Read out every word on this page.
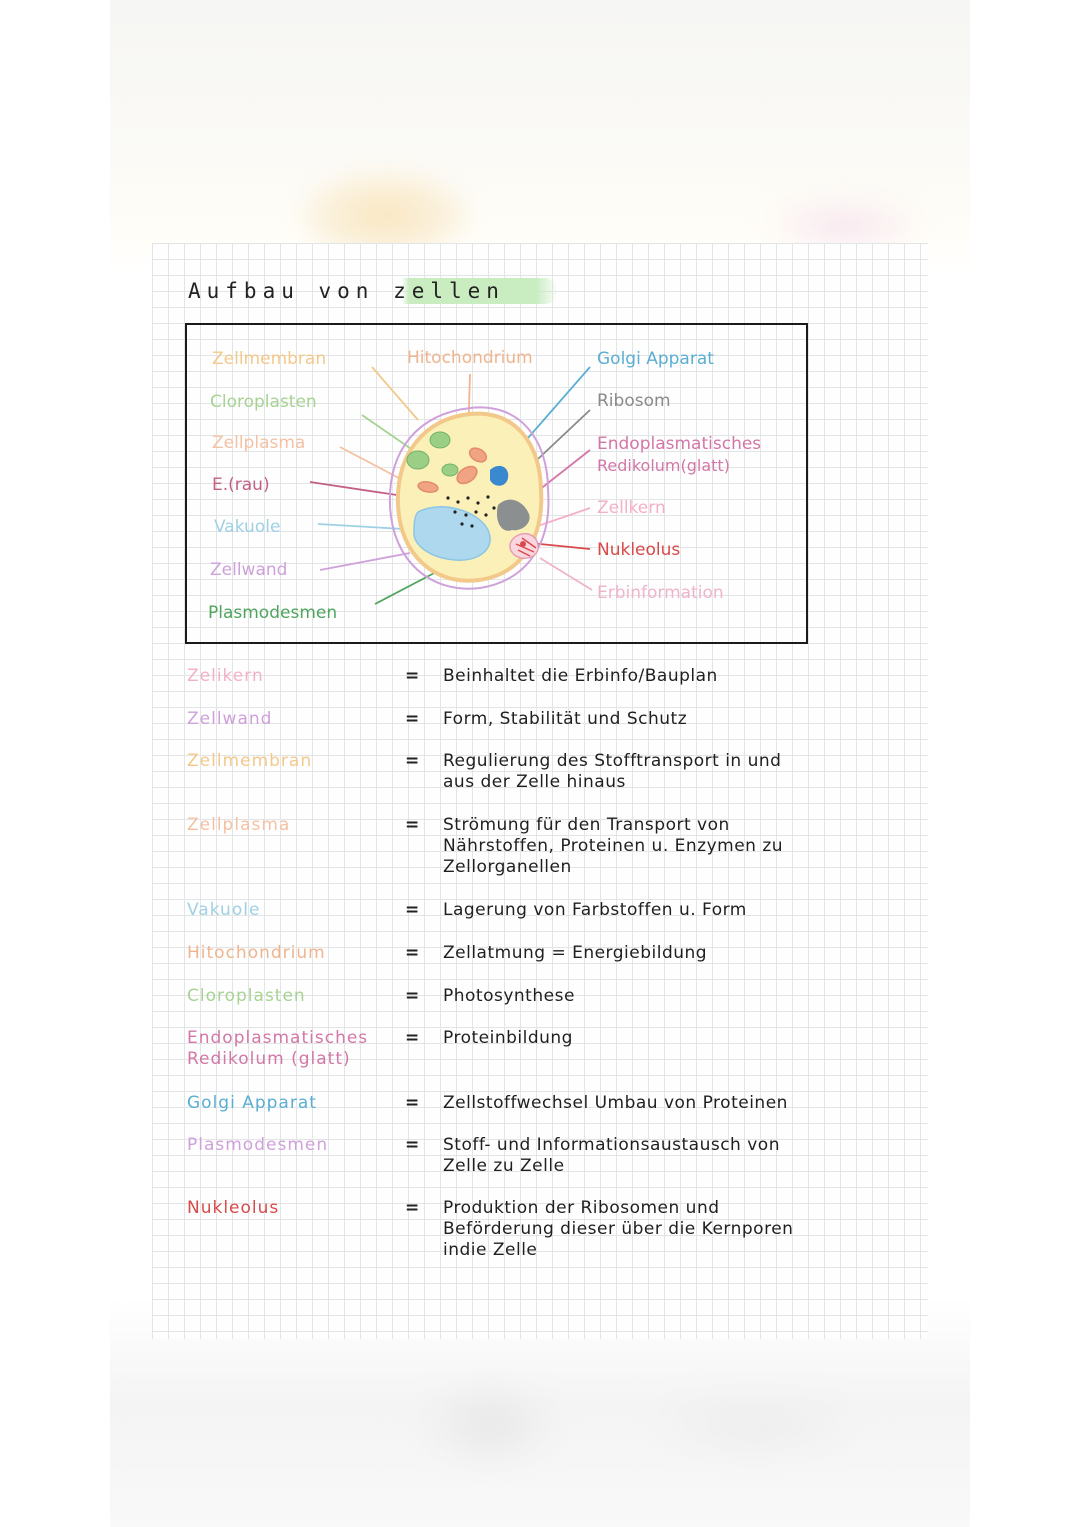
Aufbau von zellen
Zellmembran
Cloroplasten
Zellplasma
E.(rau)
Vakuole
Zellwand
Plasmodesmen
Hitochondrium	Golgi Apparat
Ribosom
Endoplasmatisches
Redikolum(glatt)
Zellkern
Nukleolus
Erbinformation
Zelikern	= Beinhaltet die Erbinfo/Bauplan
Zellwand	= Form, Stabilität und Schutz
Zellmembran	= Regulierung des Stofftransport in und
aus der Zelle hinaus
Zellplasma	= Strömung für den Transport von
Nährstoffen, Proteinen u. Enzymen zu
Zellorganellen
Vakuole	= Lagerung von Farbstoffen u. Form
Hitochondrium	= Zellatmung = Energiebildung
Cloroplasten	= Photosynthese
Endoplasmatisches
Redikolum (glatt)
= Proteinbildung
Golgi Apparat	= Zellstoffwechsel Umbau von Proteinen
Plasmodesmen	= Stoff- und Informationsaustausch von
Zelle zu Zelle
Nukleolus	= Produktion der Ribosomen und
Beförderung dieser über die Kernporen
indie Zelle
